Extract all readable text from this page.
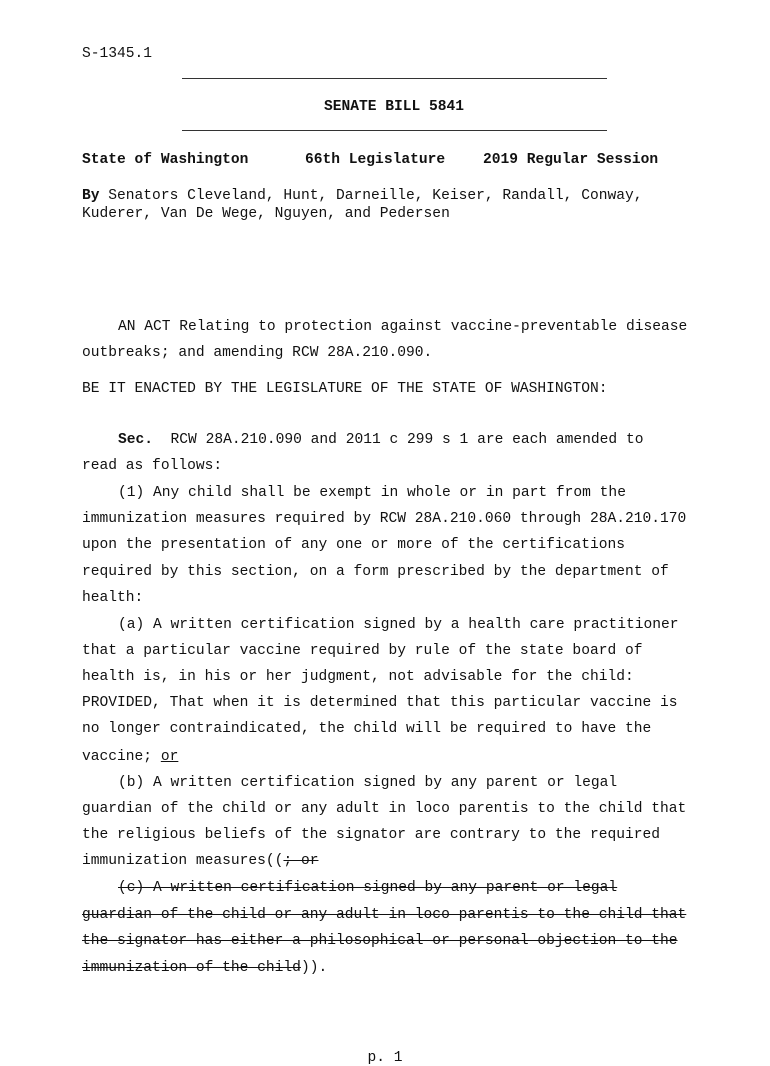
S-1345.1
SENATE BILL 5841
State of Washington	66th Legislature	2019 Regular Session
By Senators Cleveland, Hunt, Darneille, Keiser, Randall, Conway,
Kuderer, Van De Wege, Nguyen, and Pedersen
AN ACT Relating to protection against vaccine-preventable disease
outbreaks; and amending RCW 28A.210.090.
BE IT ENACTED BY THE LEGISLATURE OF THE STATE OF WASHINGTON:
Sec.  RCW 28A.210.090 and 2011 c 299 s 1 are each amended to
read as follows:
(1) Any child shall be exempt in whole or in part from the
immunization measures required by RCW 28A.210.060 through 28A.210.170
upon the presentation of any one or more of the certifications
required by this section, on a form prescribed by the department of
health:
(a) A written certification signed by a health care practitioner
that a particular vaccine required by rule of the state board of
health is, in his or her judgment, not advisable for the child:
PROVIDED, That when it is determined that this particular vaccine is
no longer contraindicated, the child will be required to have the
vaccine; or
(b) A written certification signed by any parent or legal
guardian of the child or any adult in loco parentis to the child that
the religious beliefs of the signator are contrary to the required
immunization measures((; or
(c) A written certification signed by any parent or legal
guardian of the child or any adult in loco parentis to the child that
the signator has either a philosophical or personal objection to the
immunization of the child)).
p. 1
